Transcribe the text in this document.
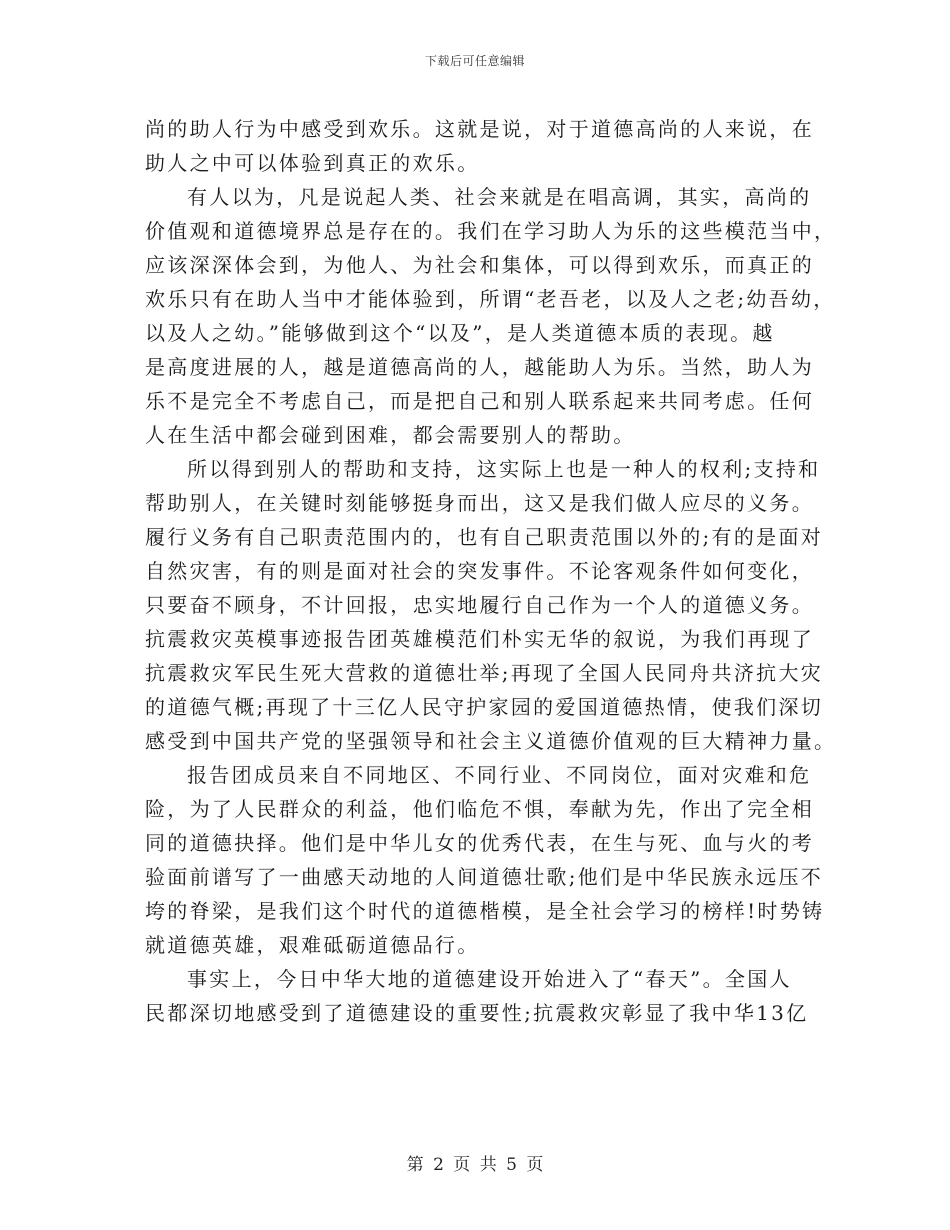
下载后可任意编辑
尚的助人行为中感受到欢乐。这就是说，对于道德高尚的人来说，在
助人之中可以体验到真正的欢乐。
有人以为，凡是说起人类、社会来就是在唱高调，其实，高尚的
价值观和道德境界总是存在的。我们在学习助人为乐的这些模范当中，
应该深深体会到，为他人、为社会和集体，可以得到欢乐，而真正的
欢乐只有在助人当中才能体验到，所谓“老吾老，以及人之老;幼吾幼，
以及人之幼。”能够做到这个“以及”，是人类道德本质的表现。越
是高度进展的人，越是道德高尚的人，越能助人为乐。当然，助人为
乐不是完全不考虑自己，而是把自己和别人联系起来共同考虑。任何
人在生活中都会碰到困难，都会需要别人的帮助。
所以得到别人的帮助和支持，这实际上也是一种人的权利;支持和
帮助别人，在关键时刻能够挺身而出，这又是我们做人应尽的义务。
履行义务有自己职责范围内的，也有自己职责范围以外的;有的是面对
自然灾害，有的则是面对社会的突发事件。不论客观条件如何变化，
只要奋不顾身，不计回报，忠实地履行自己作为一个人的道德义务。
抗震救灾英模事迹报告团英雄模范们朴实无华的叙说，为我们再现了
抗震救灾军民生死大营救的道德壮举;再现了全国人民同舟共济抗大灾
的道德气概;再现了十三亿人民守护家园的爱国道德热情，使我们深切
感受到中国共产党的坚强领导和社会主义道德价值观的巨大精神力量。
报告团成员来自不同地区、不同行业、不同岗位，面对灾难和危
险，为了人民群众的利益，他们临危不惧，奉献为先，作出了完全相
同的道德抉择。他们是中华儿女的优秀代表，在生与死、血与火的考
验面前谱写了一曲感天动地的人间道德壮歌;他们是中华民族永远压不
垮的脊梁，是我们这个时代的道德楷模，是全社会学习的榜样!时势铸
就道德英雄，艰难砥砺道德品行。
事实上，今日中华大地的道德建设开始进入了“春天”。全国人
民都深切地感受到了道德建设的重要性;抗震救灾彰显了我中华13亿
第 2 页 共 5 页
